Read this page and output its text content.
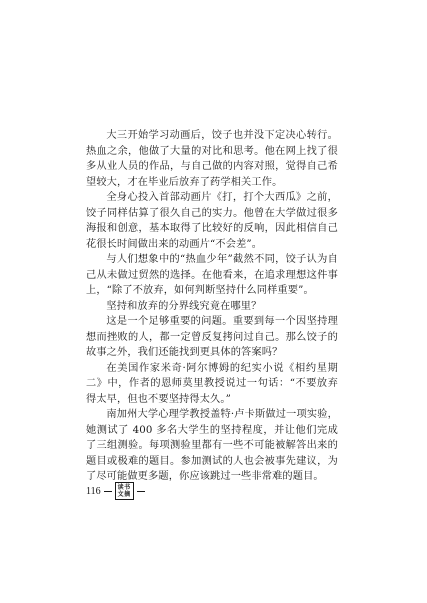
大三开始学习动画后，饺子也并没下定决心转行。热血之余，他做了大量的对比和思考。他在网上找了很多从业人员的作品，与自己做的内容对照，觉得自己希望较大，才在毕业后放弃了药学相关工作。

全身心投入首部动画片《打，打个大西瓜》之前，饺子同样估算了很久自己的实力。他曾在大学做过很多海报和创意，基本取得了比较好的反响，因此相信自己花很长时间做出来的动画片“不会差”。

与人们想象中的“热血少年”截然不同，饺子认为自己从未做过贸然的选择。在他看来，在追求理想这件事上，“除了不放弃，如何判断坚持什么同样重要”。

坚持和放弃的分界线究竟在哪里？

这是一个足够重要的问题。重要到每一个因坚持理想而挫败的人，都一定曾反复拷问过自己。那么饺子的故事之外，我们还能找到更具体的答案吗？

在美国作家米奇·阿尔博姆的纪实小说《相约星期二》中，作者的恩师莫里教授说过一句话：“不要放弃得太早，但也不要坚持得太久。”

南加州大学心理学教授盖特·卢卡斯做过一项实验，她测试了 400 多名大学生的坚持程度，并让他们完成了三组测验。每项测验里都有一些不可能被解答出来的题目或极难的题目。参加测试的人也会被事先建议，为了尽可能做更多题，你应该跳过一些非常难的题目。

116	读书
文摘
